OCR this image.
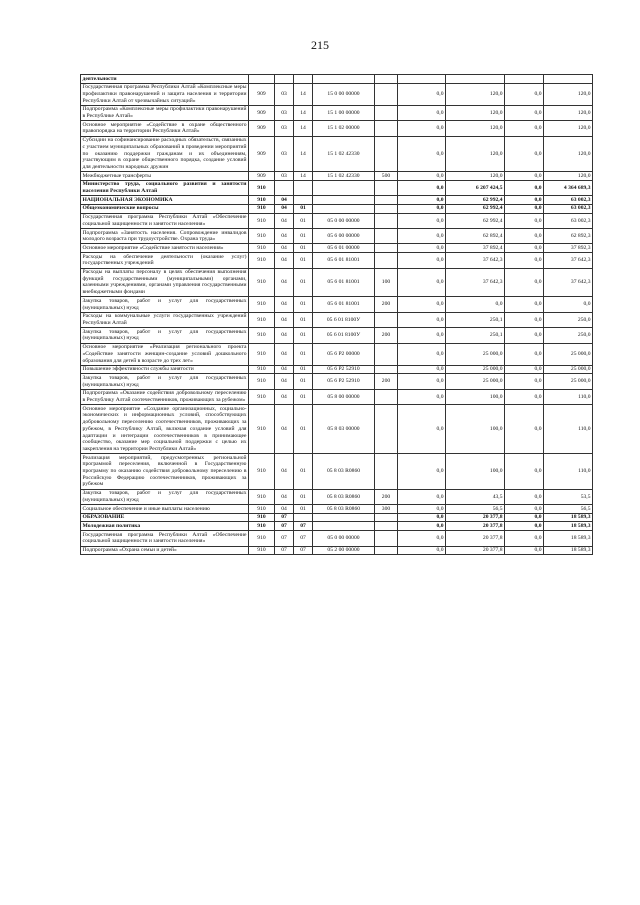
215
деятельности									
Государственная программа Республики Алтай «Комплексные меры профилактики правонарушений и защита населения и территории Республики Алтай от чрезвычайных ситуаций»	909	03	14	15 0 00 00000		0,0	120,0	0,0	120,0
Подпрограмма «Комплексные меры профилактики правонарушений в Республике Алтай»	909	03	14	15 1 00 00000		0,0	120,0	0,0	120,0
Основное мероприятие «Содействие в охране общественного правопорядка на территории Республики Алтай»	909	03	14	15 1 02 00000		0,0	120,0	0,0	120,0
Субсидии на софинансирование расходных обязательств, связанных с участием муниципальных образований в проведении мероприятий по оказанию поддержки гражданам и их объединениям, участвующим в охране общественного порядка, создание условий для деятельности народных дружин	909	03	14	15 1 02 42330		0,0	120,0	0,0	120,0
Межбюджетные трансферты	909	03	14	15 1 02 42330	500	0,0	120,0	0,0	120,0
Министерство труда, социального развития и занятости населения Республики Алтай	910					0,0	6 207 424,5	0,0	4 364 689,3
НАЦИОНАЛЬНАЯ ЭКОНОМИКА	910	04				0,0	62 992,4	0,0	63 002,3
Общеэкономические вопросы	910	04	01			0,0	62 992,4	0,0	63 002,3
Государственная программа Республики Алтай «Обеспечение социальной защищенности и занятости населения»	910	04	01	05 0 00 00000		0,0	62 992,4	0,0	63 002,3
Подпрограмма «Занятость населения. Сопровождение инвалидов молодого возраста при трудоустройстве. Охрана труда»	910	04	01	05 6 00 00000		0,0	62 892,4	0,0	62 892,3
Основное мероприятие «Содействие занятости населения»	910	04	01	05 6 01 00000		0,0	37 892,4	0,0	37 892,3
Расходы на обеспечение деятельности (оказание услуг) государственных учреждений	910	04	01	05 6 01 81001		0,0	37 642,3	0,0	37 642,3
Расходы на выплаты персоналу в целях обеспечения выполнения функций государственными (муниципальными) органами, казенными учреждениями, органами управления государственными внебюджетными фондами	910	04	01	05 6 01 81001	100	0,0	37 642,3	0,0	37 642,3
Закупка товаров, работ и услуг для государственных (муниципальных) нужд	910	04	01	05 6 01 81001	200	0,0	0,0	0,0	0,0
Расходы на коммунальные услуги государственных учреждений Республики Алтай	910	04	01	05 6 01 8100У		0,0	250,1	0,0	250,0
Закупка товаров, работ и услуг для государственных (муниципальных) нужд	910	04	01	05 6 01 8100У	200	0,0	250,1	0,0	250,0
Основное мероприятие «Реализация регионального проекта «Содействие занятости женщин-создание условий дошкольного образования для детей в возрасте до трех лет»	910	04	01	05 6 P2 00000		0,0	25 000,0	0,0	25 000,0
Повышение эффективности службы занятости	910	04	01	05 6 P2 52910		0,0	25 000,0	0,0	25 000,0
Закупка товаров, работ и услуг для государственных (муниципальных) нужд	910	04	01	05 6 P2 52910	200	0,0	25 000,0	0,0	25 000,0
Подпрограмма «Оказание содействия добровольному переселению в Республику Алтай соотечественников, проживающих за рубежом»	910	04	01	05 8 00 00000		0,0	100,0	0,0	110,0
Основное мероприятие «Создание организационных, социально-экономических и информационных условий, способствующих добровольному переселению соотечественников, проживающих за рубежом, в Республику Алтай, включая создание условий для адаптации и интеграции соотечественников в принимающее сообщество, оказание мер социальной поддержки с целью их закрепления на территории Республики Алтай»	910	04	01	05 8 03 00000		0,0	100,0	0,0	110,0
Реализация мероприятий, предусмотренных региональной программой переселения, включенной в Государственную программу по оказанию содействия добровольному переселению в Российскую Федерацию соотечественников, проживающих за рубежом	910	04	01	05 8 03 R0860		0,0	100,0	0,0	110,0
Закупка товаров, работ и услуг для государственных (муниципальных) нужд	910	04	01	05 8 03 R0860	200	0,0	43,5	0,0	53,5
Социальное обеспечение и иные выплаты населению	910	04	01	05 8 03 R0860	300	0,0	56,5	0,0	56,5
ОБРАЗОВАНИЕ	910	07				0,0	20 377,8	0,0	18 589,3
Молодежная политика	910	07	07			0,0	20 377,8	0,0	18 589,3
Государственная программа Республики Алтай «Обеспечение социальной защищенности и занятости населения»	910	07	07	05 0 00 00000		0,0	20 377,8	0,0	18 589,3
Подпрограмма «Охрана семьи и детей»	910	07	07	05 2 00 00000		0,0	20 377,8	0,0	18 589,3
